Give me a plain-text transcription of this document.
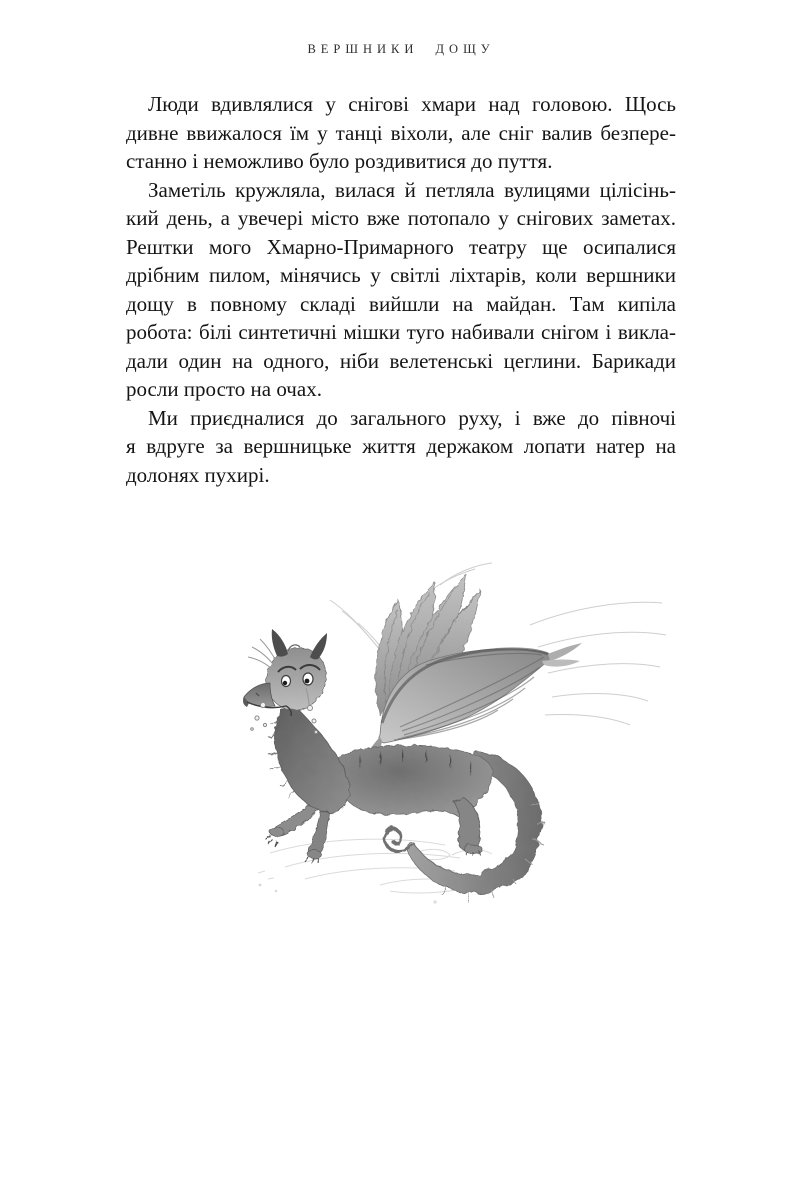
ВЕРШНИКИ ДОЩУ
Люди вдивлялися у снігові хмари над головою. Щось
дивне ввижалося їм у танці віхоли, але сніг валив безпере-
станно і неможливо було роздивитися до пуття.
Заметіль кружляла, вилася й петляла вулицями цілісінь-
кий день, а увечері місто вже потопало у снігових заметах.
Рештки мого Хмарно-Примарного театру ще осипалися
дрібним пилом, мінячись у світлі ліхтарів, коли вершники
дощу в повному складі вийшли на майдан. Там кипіла
робота: білі синтетичні мішки туго набивали снігом і викла-
дали один на одного, ніби велетенські цеглини. Барикади
росли просто на очах.
Ми приєдналися до загального руху, і вже до півночі
я вдруге за вершницьке життя держаком лопати натер на
долонях пухирі.
